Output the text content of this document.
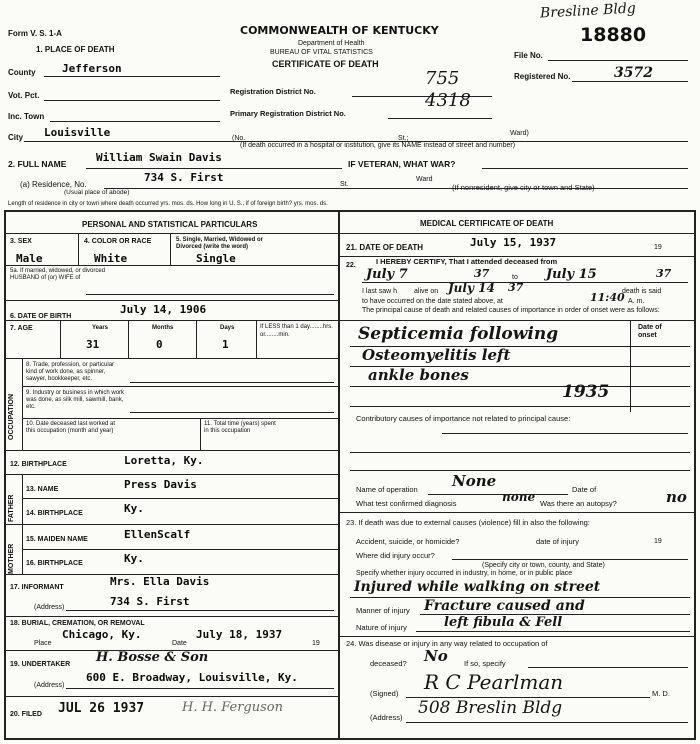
Form V. S. 1-A
1. PLACE OF DEATH
COMMONWEALTH OF KENTUCKY
Department of Health
BUREAU OF VITAL STATISTICS
CERTIFICATE OF DEATH
Bresline Bldg
18880
File No.
Registered No.	3572
Registration District No.
755
Primary Registration District No.
4318
County Jefferson
Vot. Pct.
Inc. Town
City Louisville	(No.	St.;
Ward)
(If death occurred in a hospital or institution, give its NAME instead of street and number)
2. FULL NAME	William Swain Davis	IF VETERAN, WHAT WAR?
(a) Residence, No.
734 S. First
St.
Ward
(Usual place of abode)
(If nonresident, give city or town and State)
Length of residence in city or town where death occurred yrs. mos. ds. How long in U. S., if of foreign birth? yrs. mos. ds.
PERSONAL AND STATISTICAL PARTICULARS
3. SEX	4. COLOR OR RACE	5. Single, Married, Widowed or Divorced (write the word)
Male	White	Single
5a. If married, widowed, or divorced HUSBAND of (or) WIFE of
6. DATE OF BIRTH
July 14, 1906
7. AGE	Years	Months	Days	If LESS than 1 day........hrs. or........min.
31	0	1
OCCUPATION
8. Trade, profession, or particular kind of work done, as spinner, sawyer, bookkeeper, etc.
9. Industry or business in which work was done, as silk mill, sawmill, bank, etc.
10. Date deceased last worked at this occupation (month and year)
11. Total time (years) spent in this occupation
12. BIRTHPLACE	Loretta, Ky.
FATHER
13. NAME	Press Davis
14. BIRTHPLACE	Ky.
MOTHER
15. MAIDEN NAME	EllenScalf
16. BIRTHPLACE	Ky.
17. INFORMANT	Mrs. Ella Davis
(Address)	734 S. First
18. BURIAL, CREMATION, OR REMOVAL
Place
Chicago, Ky.
Date
July 18, 1937
19
19. UNDERTAKER H. Bosse & Son
(Address)
600 E. Broadway, Louisville, Ky.
20. FILED JUL 26 1937	H. H. Ferguson
MEDICAL CERTIFICATE OF DEATH
21. DATE OF DEATH	July 15, 1937	19
22.	I HEREBY CERTIFY, That I attended deceased from
July 7	37	to July 15	37
I last saw h alive on July 14 37	death is said
to have occurred on the date stated above, at	11:40 A. m.
The principal cause of death and related causes of importance in order of onset were as follows:
Date of onset
Septicemia following
Osteomyelitis left
ankle bones
1935
Contributory causes of importance not related to principal cause:
Name of operation None	Date of
What test confirmed diagnosis	none Was there an autopsy?	no
23. If death was due to external causes (violence) fill in also the following:
Accident, suicide, or homicide?	date of injury	19
Where did injury occur?
(Specify city or town, county, and State)
Specify whether injury occurred in industry, in home, or in public place
Injured while walking on street
Manner of injury Fracture caused and
Nature of injury	left fibula & Fell
24. Was disease or injury in any way related to occupation of
deceased? No If so, specify
(Signed) R C Pearlman	M. D.
(Address) 508 Breslin Bldg
